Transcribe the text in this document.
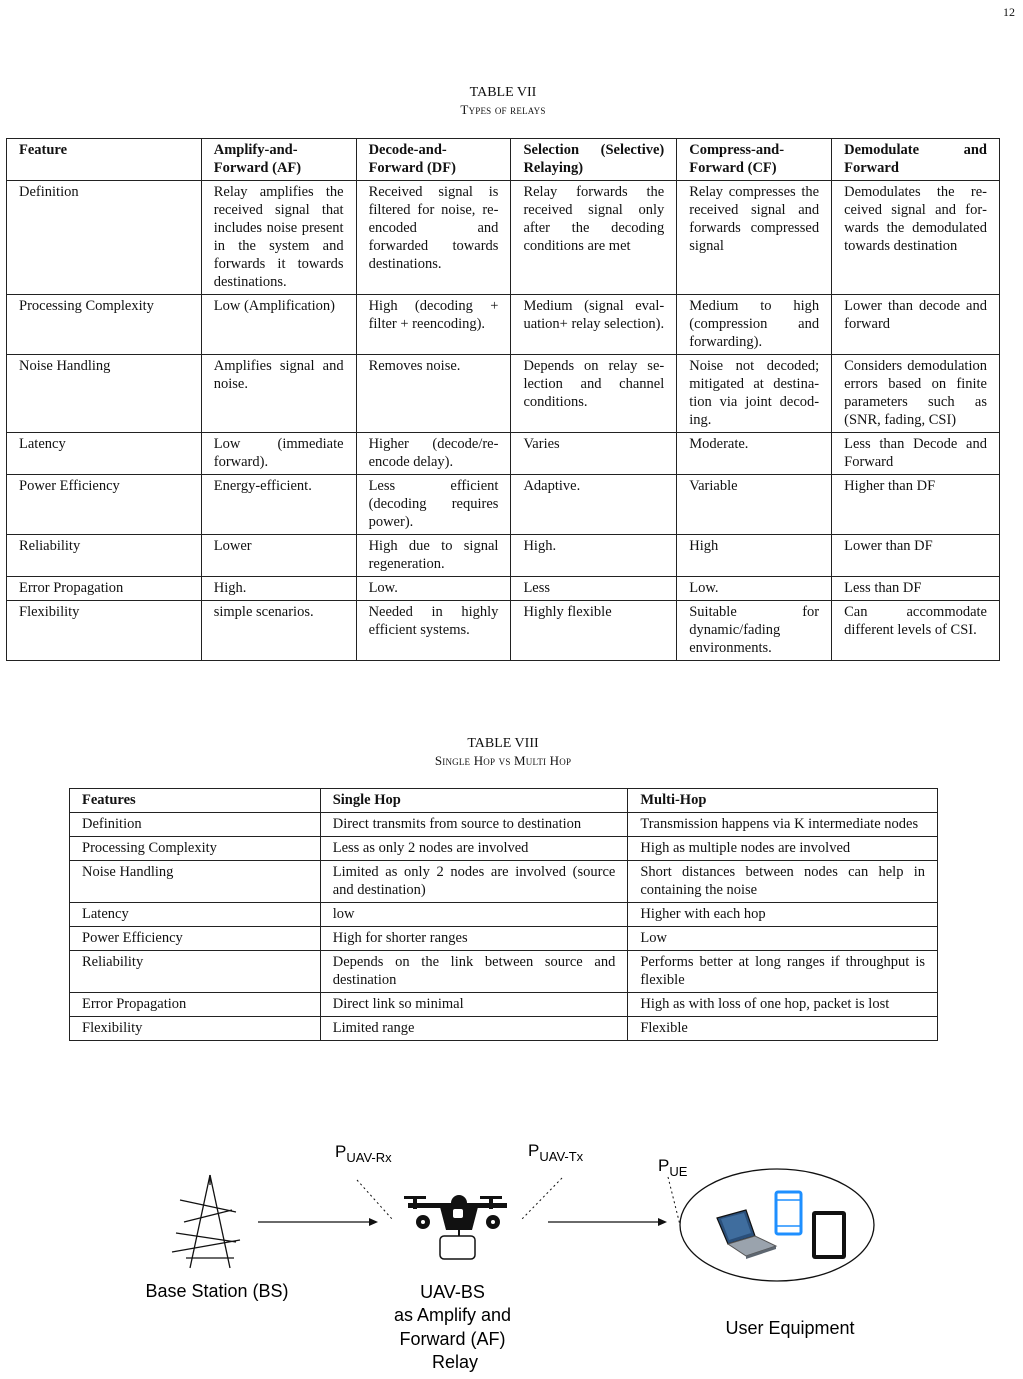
12
TABLE VII
Types of relays
Feature	Amplify-and-Forward (AF)	Decode-and-Forward (DF)	Selection (Selective) Relaying)	Compress-and-Forward (CF)	Demodulate and Forward
Definition	Relay amplifies the received signal that includes noise present in the system and forwards it towards destinations.	Received signal is filtered for noise, re-encoded and forwarded towards destinations.	Relay forwards the received signal only after the decoding conditions are met	Relay compresses the received signal and forwards compressed signal	Demodulates the received signal and forwards the demodulated towards destination
Processing Complexity	Low (Amplification)	High (decoding + filter + reencoding).	Medium (signal evaluation+ relay selection).	Medium to high (compression and forwarding).	Lower than decode and forward
Noise Handling	Amplifies signal and noise.	Removes noise.	Depends on relay selection and channel conditions.	Noise not decoded; mitigated at destination via joint decoding.	Considers demodulation errors based on finite parameters such as (SNR, fading, CSI)
Latency	Low (immediate forward).	Higher (decode/reencode delay).	Varies	Moderate.	Less than Decode and Forward
Power Efficiency	Energy-efficient.	Less efficient (decoding requires power).	Adaptive.	Variable	Higher than DF
Reliability	Lower	High due to signal regeneration.	High.	High	Lower than DF
Error Propagation	High.	Low.	Less	Low.	Less than DF
Flexibility	simple scenarios.	Needed in highly efficient systems.	Highly flexible	Suitable for dynamic/fading environments.	Can accommodate different levels of CSI.
TABLE VIII
Single Hop vs Multi Hop
Features	Single Hop	Multi-Hop
Definition	Direct transmits from source to destination	Transmission happens via K intermediate nodes
Processing Complexity	Less as only 2 nodes are involved	High as multiple nodes are involved
Noise Handling	Limited as only 2 nodes are involved (source and destination)	Short distances between nodes can help in containing the noise
Latency	low	Higher with each hop
Power Efficiency	High for shorter ranges	Low
Reliability	Depends on the link between source and destination	Performs better at long ranges if throughput is flexible
Error Propagation	Direct link so minimal	High as with loss of one hop, packet is lost
Flexibility	Limited range	Flexible
Base Station (BS)
$P_{UAV-Rx}$	$P_{UAV-Tx}$	$P_{UE}$
UAV-BS as Amplify and Forward (AF) Relay
User Equipment
